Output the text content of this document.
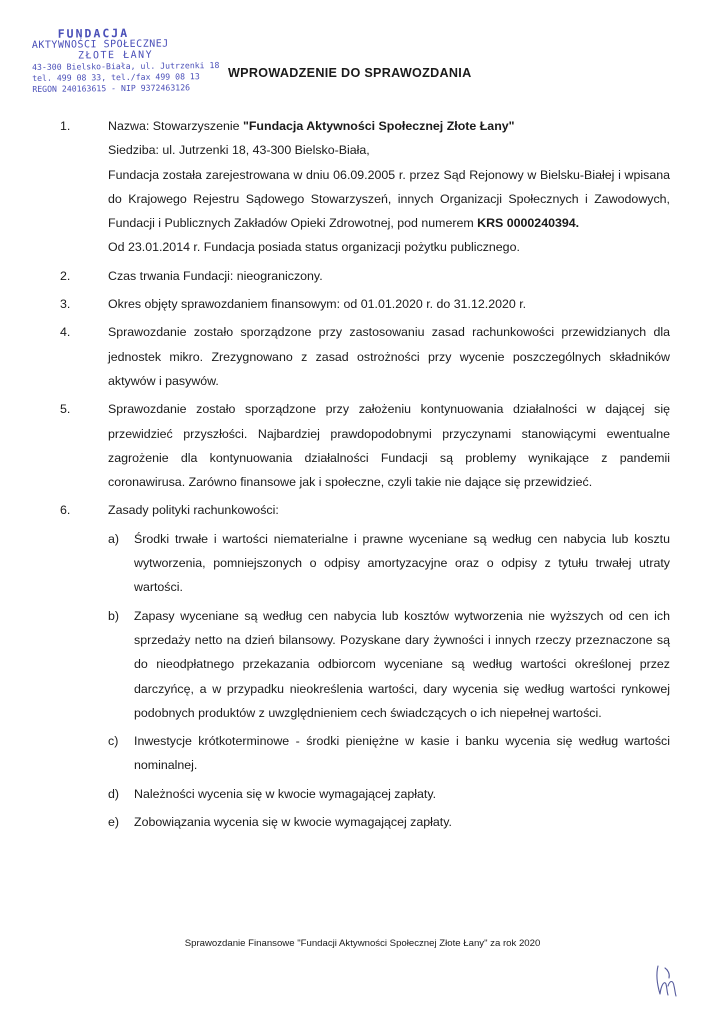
FUNDACJA
AKTYWNOŚCI SPOŁECZNEJ
ZŁOTE ŁANY
43-300 Bielsko-Biała, ul. Jutrzenki 18
tel. 499 08 33, tel./fax 499 08 13
REGON 240163615 - NIP 9372463126
WPROWADZENIE DO SPRAWOZDANIA
1.	Nazwa: Stowarzyszenie "Fundacja Aktywności Społecznej Złote Łany"

Siedziba: ul. Jutrzenki 18, 43-300 Bielsko-Biała,

Fundacja została zarejestrowana w dniu 06.09.2005 r. przez Sąd Rejonowy w Bielsku-Białej i wpisana do Krajowego Rejestru Sądowego Stowarzyszeń, innych Organizacji Społecznych i Zawodowych, Fundacji i Publicznych Zakładów Opieki Zdrowotnej, pod numerem KRS 0000240394.

Od 23.01.2014 r. Fundacja posiada status organizacji pożytku publicznego.

2.	Czas trwania Fundacji: nieograniczony.

3.	Okres objęty sprawozdaniem finansowym: od 01.01.2020 r. do 31.12.2020 r.

4.	Sprawozdanie zostało sporządzone przy zastosowaniu zasad rachunkowości przewidzianych dla jednostek mikro. Zrezygnowano z zasad ostrożności przy wycenie poszczególnych składników aktywów i pasywów.

5.	Sprawozdanie zostało sporządzone przy założeniu kontynuowania działalności w dającej się przewidzieć przyszłości. Najbardziej prawdopodobnymi przyczynami stanowiącymi ewentualne zagrożenie dla kontynuowania działalności Fundacji są problemy wynikające z pandemii coronawirusa. Zarówno finansowe jak i społeczne, czyli takie nie dające się przewidzieć.

6.	Zasady polityki rachunkowości:

a) Środki trwałe i wartości niematerialne i prawne wyceniane są według cen nabycia lub kosztu wytworzenia, pomniejszonych o odpisy amortyzacyjne oraz o odpisy z tytułu trwałej utraty wartości.
b) Zapasy wyceniane są według cen nabycia lub kosztów wytworzenia nie wyższych od cen ich sprzedaży netto na dzień bilansowy. Pozyskane dary żywności i innych rzeczy przeznaczone są do nieodpłatnego przekazania odbiorcom wyceniane są według wartości określonej przez darczyńcę, a w przypadku nieokreślenia wartości, dary wycenia się według wartości rynkowej podobnych produktów z uwzględnieniem cech świadczących o ich niepełnej wartości.
c) Inwestycje krótkoterminowe - środki pieniężne w kasie i banku wycenia się według wartości nominalnej.
d) Należności wycenia się w kwocie wymagającej zapłaty.
e) Zobowiązania wycenia się w kwocie wymagającej zapłaty.
Sprawozdanie Finansowe "Fundacji Aktywności Społecznej Złote Łany" za rok 2020
